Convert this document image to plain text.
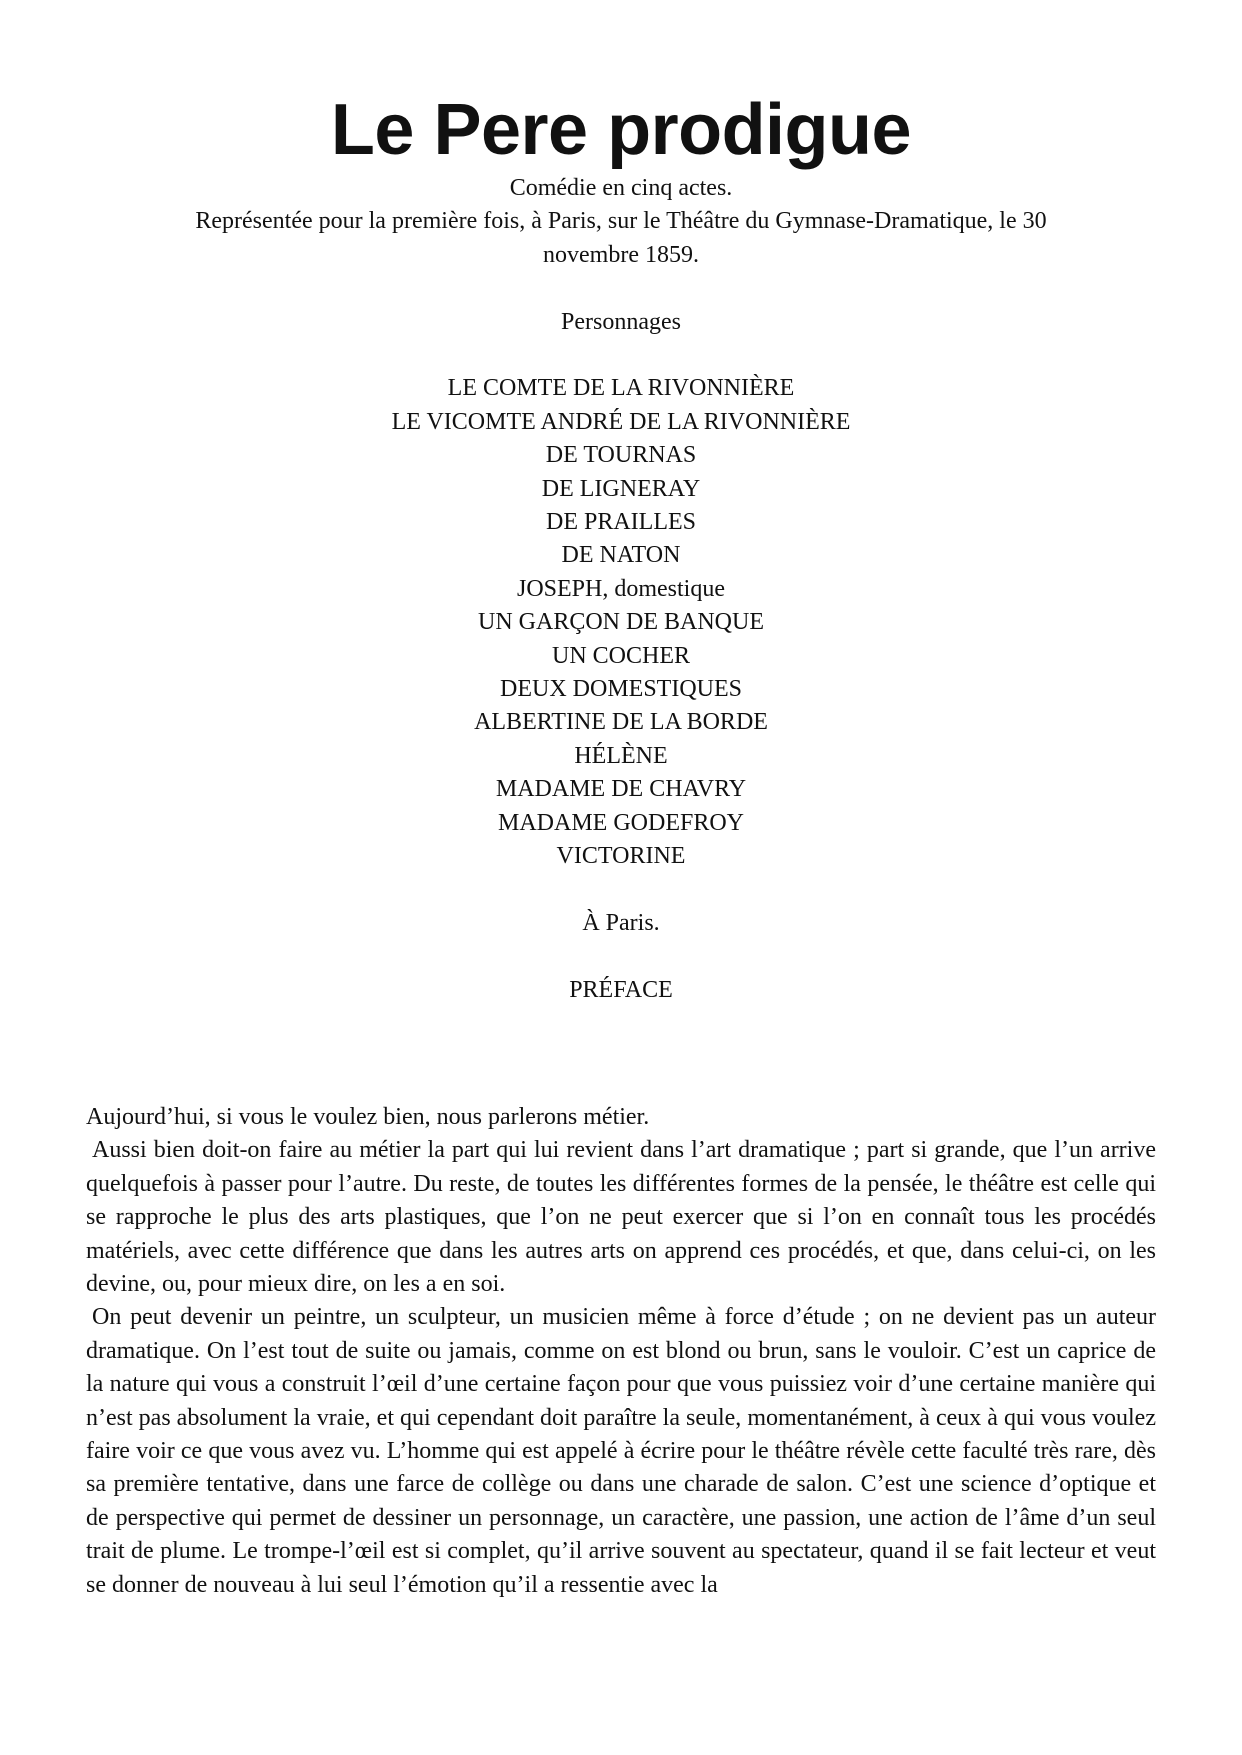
Le Pere prodigue
Comédie en cinq actes.
Représentée pour la première fois, à Paris, sur le Théâtre du Gymnase-Dramatique, le 30
novembre 1859.
Personnages
LE COMTE DE LA RIVONNIÈRE
LE VICOMTE ANDRÉ DE LA RIVONNIÈRE
DE TOURNAS
DE LIGNERAY
DE PRAILLES
DE NATON
JOSEPH, domestique
UN GARÇON DE BANQUE
UN COCHER
DEUX DOMESTIQUES
ALBERTINE DE LA BORDE
HÉLÈNE
MADAME DE CHAVRY
MADAME GODEFROY
VICTORINE
À Paris.
PRÉFACE

Aujourd’hui, si vous le voulez bien, nous parlerons métier.

Aussi bien doit-on faire au métier la part qui lui revient dans l’art dramatique ; part si grande, que l’un arrive quelquefois à passer pour l’autre. Du reste, de toutes les différentes formes de la pensée, le théâtre est celle qui se rapproche le plus des arts plastiques, que l’on ne peut exercer que si l’on en connaît tous les procédés matériels, avec cette différence que dans les autres arts on apprend ces procédés, et que, dans celui-ci, on les devine, ou, pour mieux dire, on les a en soi.

On peut devenir un peintre, un sculpteur, un musicien même à force d’étude ; on ne devient pas un auteur dramatique. On l’est tout de suite ou jamais, comme on est blond ou brun, sans le vouloir. C’est un caprice de la nature qui vous a construit l’œil d’une certaine façon pour que vous puissiez voir d’une certaine manière qui n’est pas absolument la vraie, et qui cependant doit paraître la seule, momentanément, à ceux à qui vous voulez faire voir ce que vous avez vu. L’homme qui est appelé à écrire pour le théâtre révèle cette faculté très rare, dès sa première tentative, dans une farce de collège ou dans une charade de salon. C’est une science d’optique et de perspective qui permet de dessiner un personnage, un caractère, une passion, une action de l’âme d’un seul trait de plume. Le trompe-l’œil est si complet, qu’il arrive souvent au spectateur, quand il se fait lecteur et veut se donner de nouveau à lui seul l’émotion qu’il a ressentie avec la
